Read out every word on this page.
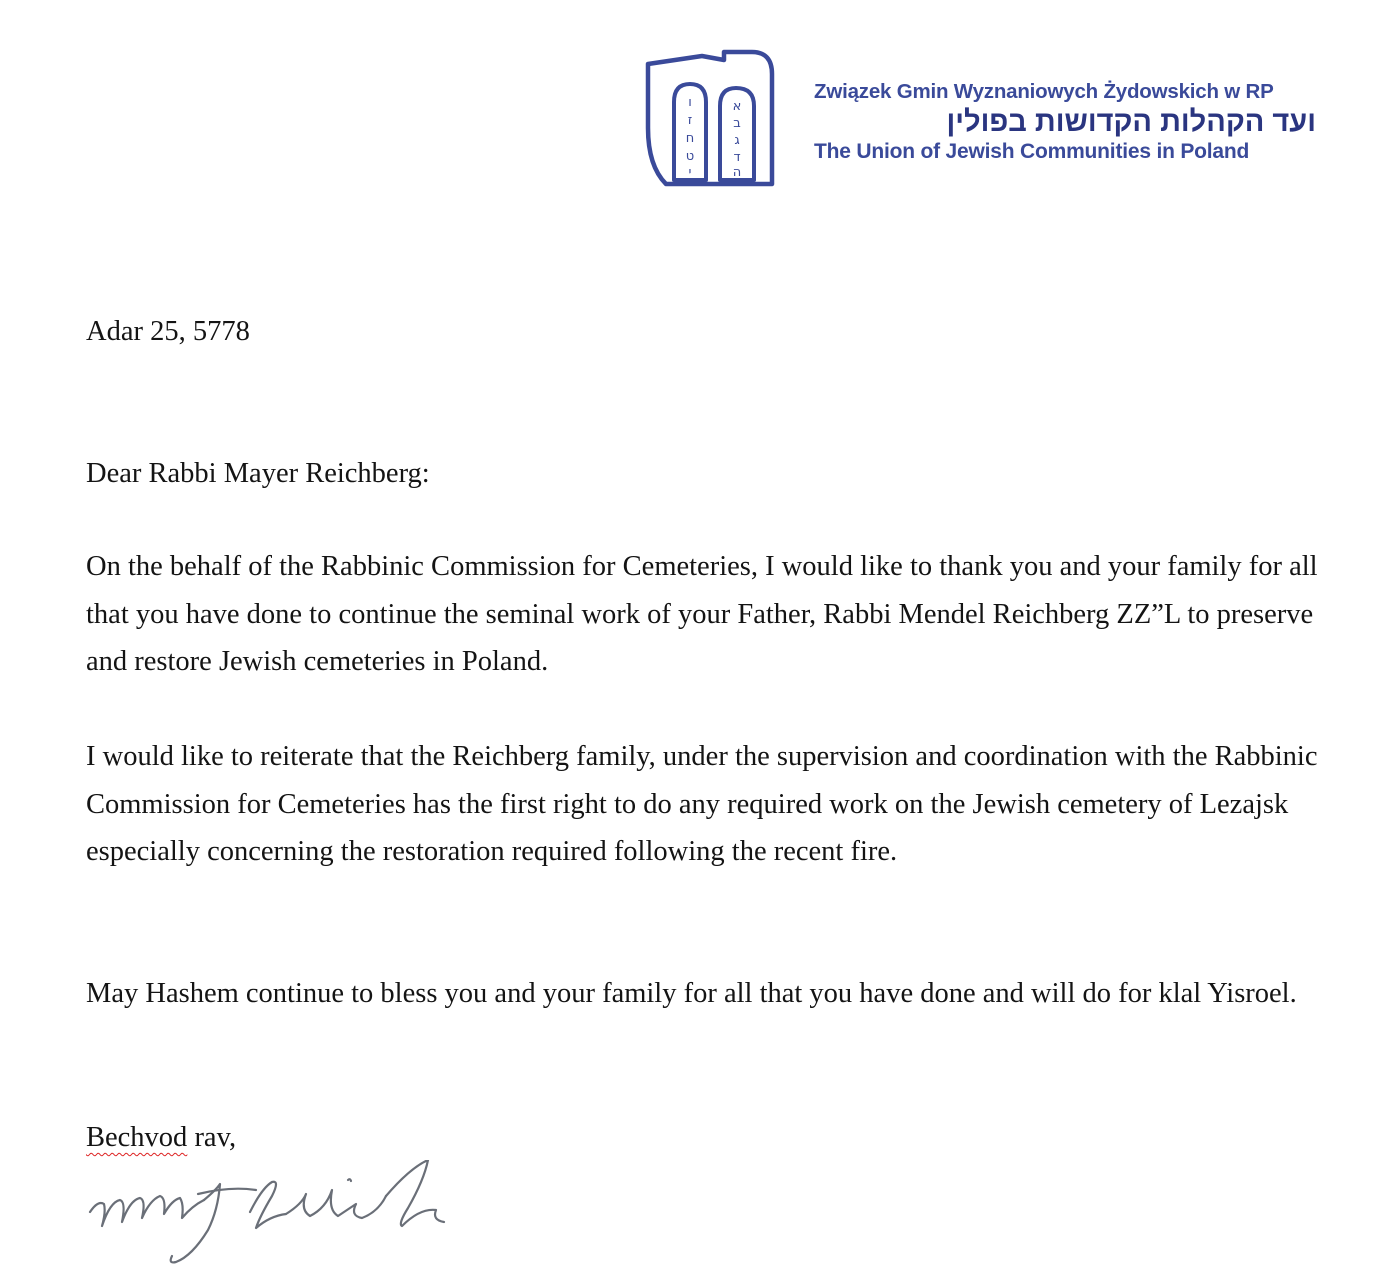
א
ב
ג
ד
ה
ו
ז
ח
ט
י
Związek Gmin Wyznaniowych Żydowskich w RP
ועד הקהלות הקדושות בפולין
The Union of Jewish Communities in Poland
Adar 25, 5778
Dear Rabbi Mayer Reichberg:

On the behalf of the Rabbinic Commission for Cemeteries, I would like to thank you and your family for all that you have done to continue the seminal work of your Father, Rabbi Mendel Reichberg ZZ”L to preserve and restore Jewish cemeteries in Poland.

I would like to reiterate that the Reichberg family, under the supervision and coordination with the Rabbinic Commission for Cemeteries has the first right to do any required work on the Jewish cemetery of Lezajsk especially concerning the restoration required following the recent fire.

May Hashem continue to bless you and your family for all that you have done and will do for klal Yisroel.

Bechvod rav,
